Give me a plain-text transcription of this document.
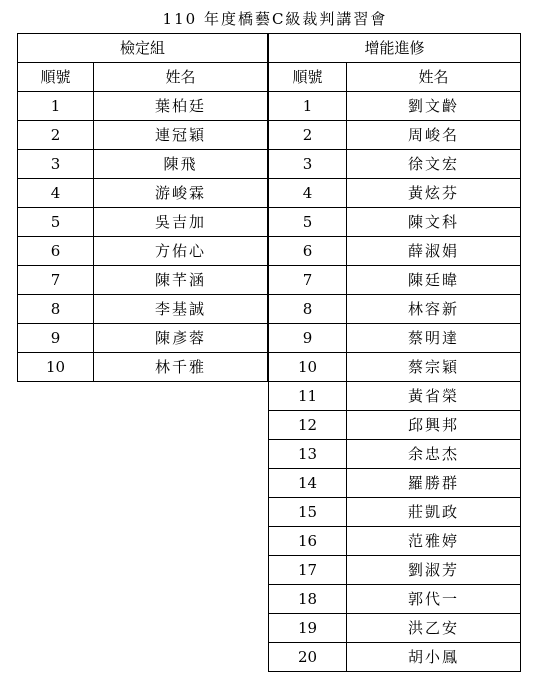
110 年度橋藝C級裁判講習會
檢定組	
順號	姓名
1	葉柏廷
2	連冠穎
3	陳飛
4	游峻霖
5	吳吉加
6	方佑心
7	陳芊涵
8	李基誠
9	陳彥蓉
10	林千雅
增能進修	
順號	姓名
1	劉文齡
2	周峻名
3	徐文宏
4	黃炫芬
5	陳文科
6	薛淑娟
7	陳廷暐
8	林容新
9	蔡明達
10	蔡宗穎
11	黃省榮
12	邱興邦
13	余忠杰
14	羅勝群
15	莊凱政
16	范雅婷
17	劉淑芳
18	郭代一
19	洪乙安
20	胡小鳳
